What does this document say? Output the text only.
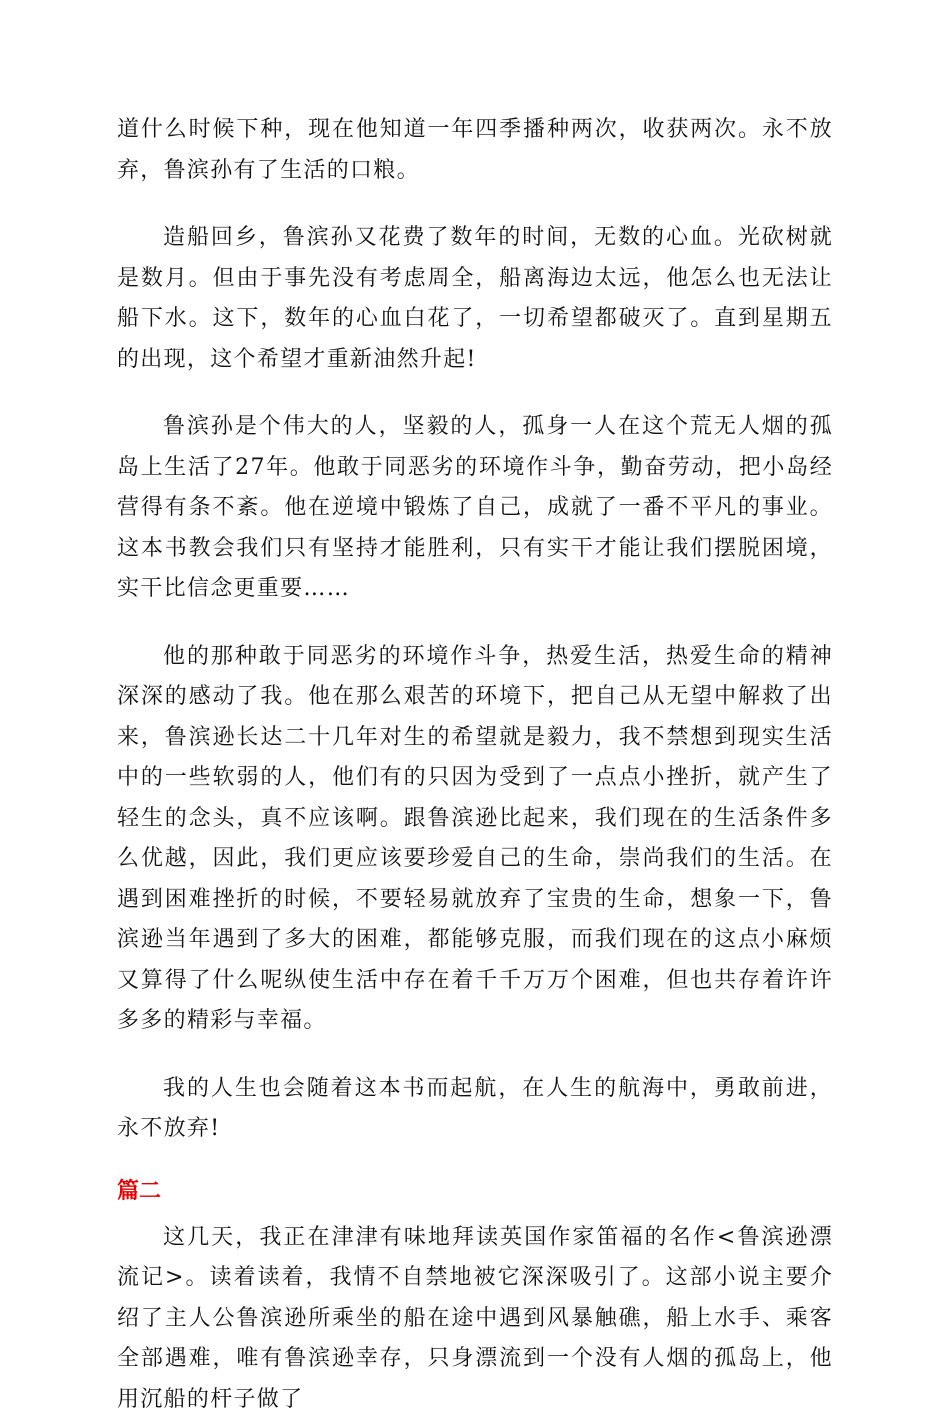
道什么时候下种，现在他知道一年四季播种两次，收获两次。永不放弃，鲁滨孙有了生活的口粮。

造船回乡，鲁滨孙又花费了数年的时间，无数的心血。光砍树就是数月。但由于事先没有考虑周全，船离海边太远，他怎么也无法让船下水。这下，数年的心血白花了，一切希望都破灭了。直到星期五的出现，这个希望才重新油然升起!

鲁滨孙是个伟大的人，坚毅的人，孤身一人在这个荒无人烟的孤岛上生活了27年。他敢于同恶劣的环境作斗争，勤奋劳动，把小岛经营得有条不紊。他在逆境中锻炼了自己，成就了一番不平凡的事业。这本书教会我们只有坚持才能胜利，只有实干才能让我们摆脱困境，实干比信念更重要……

他的那种敢于同恶劣的环境作斗争，热爱生活，热爱生命的精神深深的感动了我。他在那么艰苦的环境下，把自己从无望中解救了出来，鲁滨逊长达二十几年对生的希望就是毅力，我不禁想到现实生活中的一些软弱的人，他们有的只因为受到了一点点小挫折，就产生了轻生的念头，真不应该啊。跟鲁滨逊比起来，我们现在的生活条件多么优越，因此，我们更应该要珍爱自己的生命，崇尚我们的生活。在遇到困难挫折的时候，不要轻易就放弃了宝贵的生命，想象一下，鲁滨逊当年遇到了多大的困难，都能够克服，而我们现在的这点小麻烦又算得了什么呢纵使生活中存在着千千万万个困难，但也共存着许许多多的精彩与幸福。

我的人生也会随着这本书而起航，在人生的航海中，勇敢前进，永不放弃!

篇二

这几天，我正在津津有味地拜读英国作家笛福的名作<鲁滨逊漂流记>。读着读着，我情不自禁地被它深深吸引了。这部小说主要介绍了主人公鲁滨逊所乘坐的船在途中遇到风暴触礁，船上水手、乘客全部遇难，唯有鲁滨逊幸存，只身漂流到一个没有人烟的孤岛上，他用沉船的杆子做了
